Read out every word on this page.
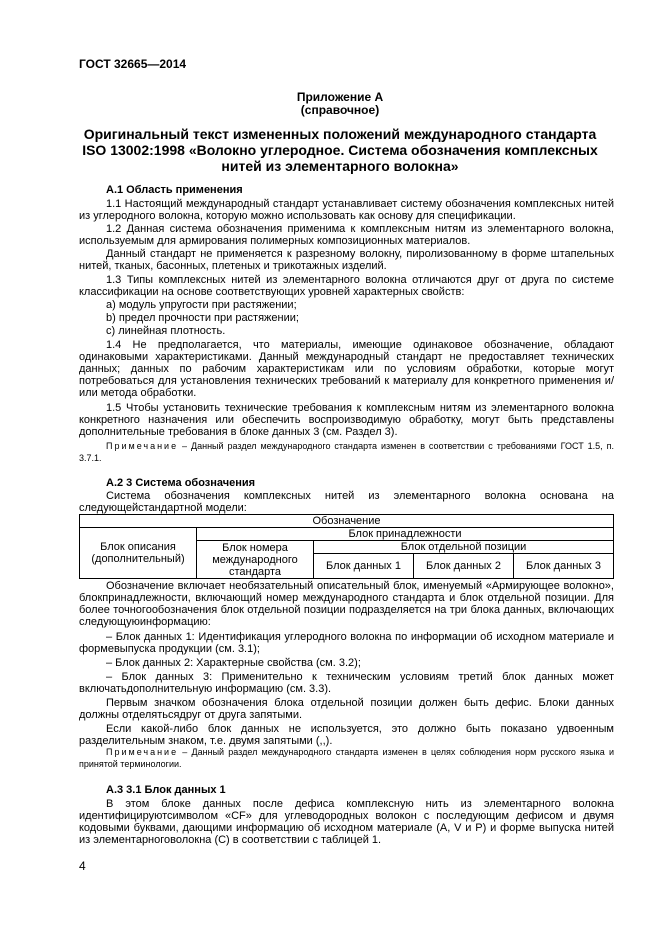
ГОСТ 32665—2014
Приложение А
(справочное)
Оригинальный текст измененных положений международного стандарта
ISO 13002:1998 «Волокно углеродное. Система обозначения комплексных
нитей из элементарного волокна»
А.1 Область применения
1.1 Настоящий международный стандарт устанавливает систему обозначения комплексных нитей из углеродного волокна, которую можно использовать как основу для спецификации.
1.2 Данная система обозначения применима к комплексным нитям из элементарного волокна, используемым для армирования полимерных композиционных материалов.
Данный стандарт не применяется к разрезному волокну, пиролизованному в форме штапельных нитей, тканых, басонных, плетеных и трикотажных изделий.
1.3 Типы комплексных нитей из элементарного волокна отличаются друг от друга по системе классификации на основе соответствующих уровней характерных свойств:
а) модуль упругости при растяжении;
b) предел прочности при растяжении;
c) линейная плотность.
1.4 Не предполагается, что материалы, имеющие одинаковое обозначение, обладают одинаковыми характеристиками. Данный международный стандарт не предоставляет технических данных; данных по рабочим характеристикам или по условиям обработки, которые могут потребоваться для установления технических требований к материалу для конкретного применения и/или метода обработки.
1.5 Чтобы установить технические требования к комплексным нитям из элементарного волокна конкретного назначения или обеспечить воспроизводимую обработку, могут быть представлены дополнительные требования в блоке данных 3 (см. Раздел 3).
Примечание – Данный раздел международного стандарта изменен в соответствии с требованиями ГОСТ 1.5, п. 3.7.1.
А.2 3 Система обозначения
Система обозначения комплексных нитей из элементарного волокна основана на следующейстандартной модели:
Обозначение				
Блок описания (дополнительный)	Блок принадлежности			
	Блок номера международного стандарта	Блок отдельной позиции		
		Блок данных 1	Блок данных 2	Блок данных 3
Обозначение включает необязательный описательный блок, именуемый «Армирующее волокно», блокпринадлежности, включающий номер международного стандарта и блок отдельной позиции. Для более точногообозначения блок отдельной позиции подразделяется на три блока данных, включающих следующуюинформацию:
– Блок данных 1: Идентификация углеродного волокна по информации об исходном материале и формевыпуска продукции (см. 3.1);
– Блок данных 2: Характерные свойства (см. 3.2);
– Блок данных 3: Применительно к техническим условиям третий блок данных может включатьдополнительную информацию (см. 3.3).
Первым значком обозначения блока отдельной позиции должен быть дефис. Блоки данных должны отделятьсядруг от друга запятыми.
Если какой-либо блок данных не используется, это должно быть показано удвоенным разделительным знаком, т.е. двумя запятыми (,,).
Примечание – Данный раздел международного стандарта изменен в целях соблюдения норм русского языка и принятой терминологии.
А.3 3.1 Блок данных 1
В этом блоке данных после дефиса комплексную нить из элементарного волокна идентифицируютсимволом «CF» для углеводородных волокон с последующим дефисом и двумя кодовыми буквами, дающими информацию об исходном материале (А, V и Р) и форме выпуска нитей из элементарноговолокна (С) в соответствии с таблицей 1.
4
